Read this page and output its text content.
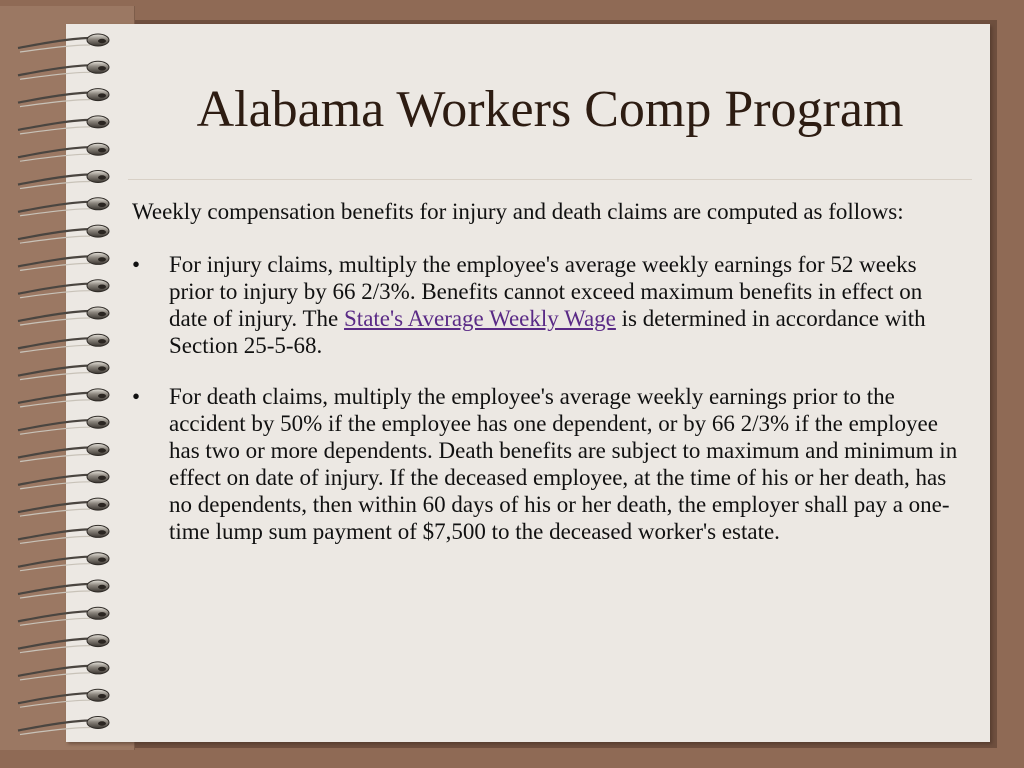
Alabama Workers Comp Program

Weekly compensation benefits for injury and death claims are computed as follows:

• For injury claims, multiply the employee's average weekly earnings for 52 weeks prior to injury by 66 2/3%. Benefits cannot exceed maximum benefits in effect on date of injury. The State's Average Weekly Wage is determined in accordance with Section 25-5-68.

• For death claims, multiply the employee's average weekly earnings prior to the accident by 50% if the employee has one dependent, or by 66 2/3% if the employee has two or more dependents. Death benefits are subject to maximum and minimum in effect on date of injury. If the deceased employee, at the time of his or her death, has no dependents, then within 60 days of his or her death, the employer shall pay a one-time lump sum payment of $7,500 to the deceased worker's estate.
